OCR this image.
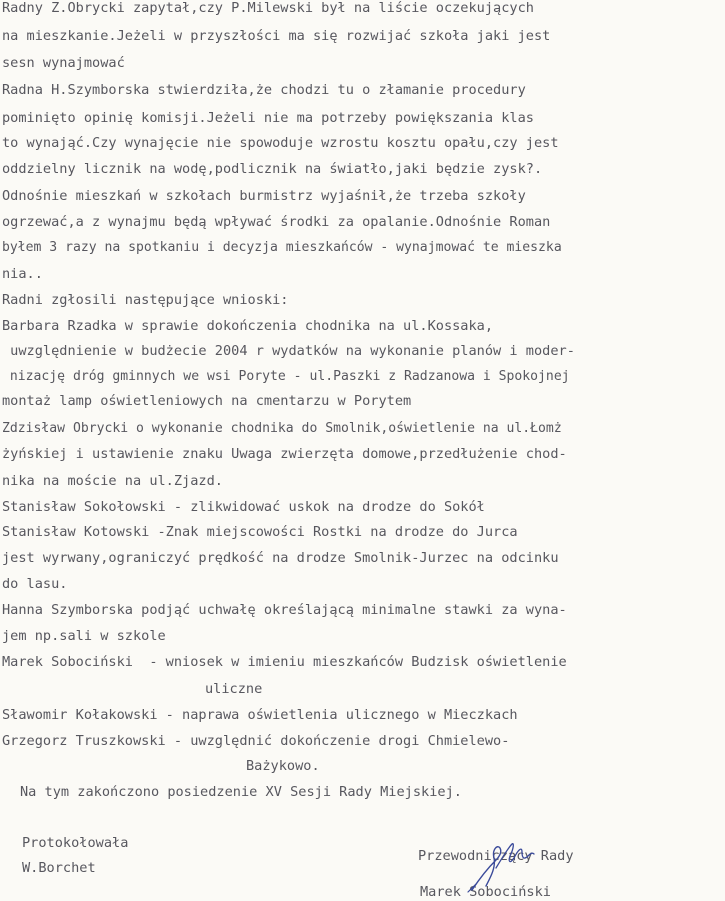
Radny Z.Obrycki zapytał,czy P.Milewski był na liście oczekujących
na mieszkanie.Jeżeli w przyszłości ma się rozwijać szkoła jaki jest
sesn wynajmować
Radna H.Szymborska stwierdziła,że chodzi tu o złamanie procedury
pominięto opinię komisji.Jeżeli nie ma potrzeby powiększania klas
to wynająć.Czy wynajęcie nie spowoduje wzrostu kosztu opału,czy jest
oddzielny licznik na wodę,podlicznik na światło,jaki będzie zysk?.
Odnośnie mieszkań w szkołach burmistrz wyjaśnił,że trzeba szkoły
ogrzewać,a z wynajmu będą wpływać środki za opalanie.Odnośnie Roman
byłem 3 razy na spotkaniu i decyzja mieszkańców - wynajmować te mieszka
nia..
Radni zgłosili następujące wnioski:
Barbara Rzadka w sprawie dokończenia chodnika na ul.Kossaka,
uwzględnienie w budżecie 2004 r wydatków na wykonanie planów i moder-
nizację dróg gminnych we wsi Poryte - ul.Paszki z Radzanowa i Spokojnej
montaż lamp oświetleniowych na cmentarzu w Porytem
Zdzisław Obrycki o wykonanie chodnika do Smolnik,oświetlenie na ul.Łomż
żyńskiej i ustawienie znaku Uwaga zwierzęta domowe,przedłużenie chod-
nika na moście na ul.Zjazd.
Stanisław Sokołowski - zlikwidować uskok na drodze do Sokół
Stanisław Kotowski -Znak miejscowości Rostki na drodze do Jurca
jest wyrwany,ograniczyć prędkość na drodze Smolnik-Jurzec na odcinku
do lasu.
Hanna Szymborska podjąć uchwałę określającą minimalne stawki za wyna-
jem np.sali w szkole
Marek Sobociński  - wniosek w imieniu mieszkańców Budzisk oświetlenie
uliczne
Sławomir Kołakowski - naprawa oświetlenia ulicznego w Mieczkach
Grzegorz Truszkowski - uwzględnić dokończenie drogi Chmielewo-
Bażykowo.
Na tym zakończono posiedzenie XV Sesji Rady Miejskiej.
Protokołowała
W.Borchet
Przewodniczący Rady
Marek Sobociński
